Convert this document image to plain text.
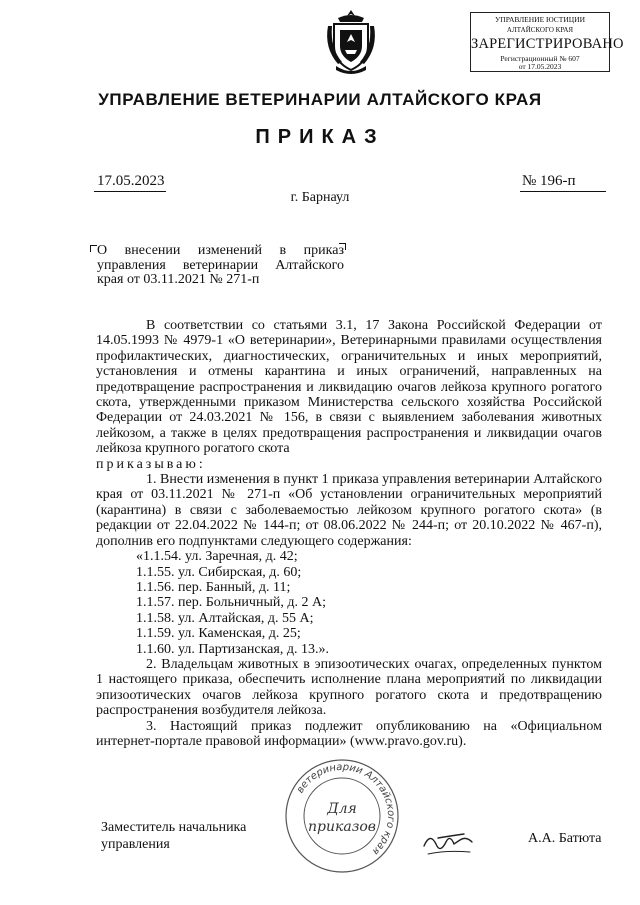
УПРАВЛЕНИЕ ЮСТИЦИИ
АЛТАЙСКОГО КРАЯ
ЗАРЕГИСТРИРОВАНО
Регистрационный № 607
от 17.05.2023
УПРАВЛЕНИЕ ВЕТЕРИНАРИИ АЛТАЙСКОГО КРАЯ
ПРИКАЗ
17.05.2023	№ 196-п
г. Барнаул
О внесении изменений в приказ управления ветеринарии Алтайского края от 03.11.2021 № 271-п

В соответствии со статьями 3.1, 17 Закона Российской Федерации от 14.05.1993 № 4979-1 «О ветеринарии», Ветеринарными правилами осуществления профилактических, диагностических, ограничительных и иных мероприятий, установления и отмены карантина и иных ограничений, направленных на предотвращение распространения и ликвидацию очагов лейкоза крупного рогатого скота, утвержденными приказом Министерства сельского хозяйства Российской Федерации от 24.03.2021 № 156, в связи с выявлением заболевания животных лейкозом, а также в целях предотвращения распространения и ликвидации очагов лейкоза крупного рогатого скота

приказываю:

1. Внести изменения в пункт 1 приказа управления ветеринарии Алтайского края от 03.11.2021 № 271-п «Об установлении ограничительных мероприятий (карантина) в связи с заболеваемостью лейкозом крупного рогатого скота» (в редакции от 22.04.2022 № 144-п; от 08.06.2022 № 244-п; от 20.10.2022 № 467-п), дополнив его подпунктами следующего содержания:

«1.1.54. ул. Заречная, д. 42;

1.1.55. ул. Сибирская, д. 60;

1.1.56. пер. Банный, д. 11;

1.1.57. пер. Больничный, д. 2 А;

1.1.58. ул. Алтайская, д. 55 А;

1.1.59. ул. Каменская, д. 25;

1.1.60. ул. Партизанская, д. 13.».

2. Владельцам животных в эпизоотических очагах, определенных пунктом 1 настоящего приказа, обеспечить исполнение плана мероприятий по ликвидации эпизоотических очагов лейкоза крупного рогатого скота и предотвращению распространения возбудителя лейкоза.

3. Настоящий приказ подлежит опубликованию на «Официальном интернет-портале правовой информации» (www.pravo.gov.ru).

ветеринарии Алтайского края
Для
приказов
Заместитель начальника
управления	А.А. Батюта
